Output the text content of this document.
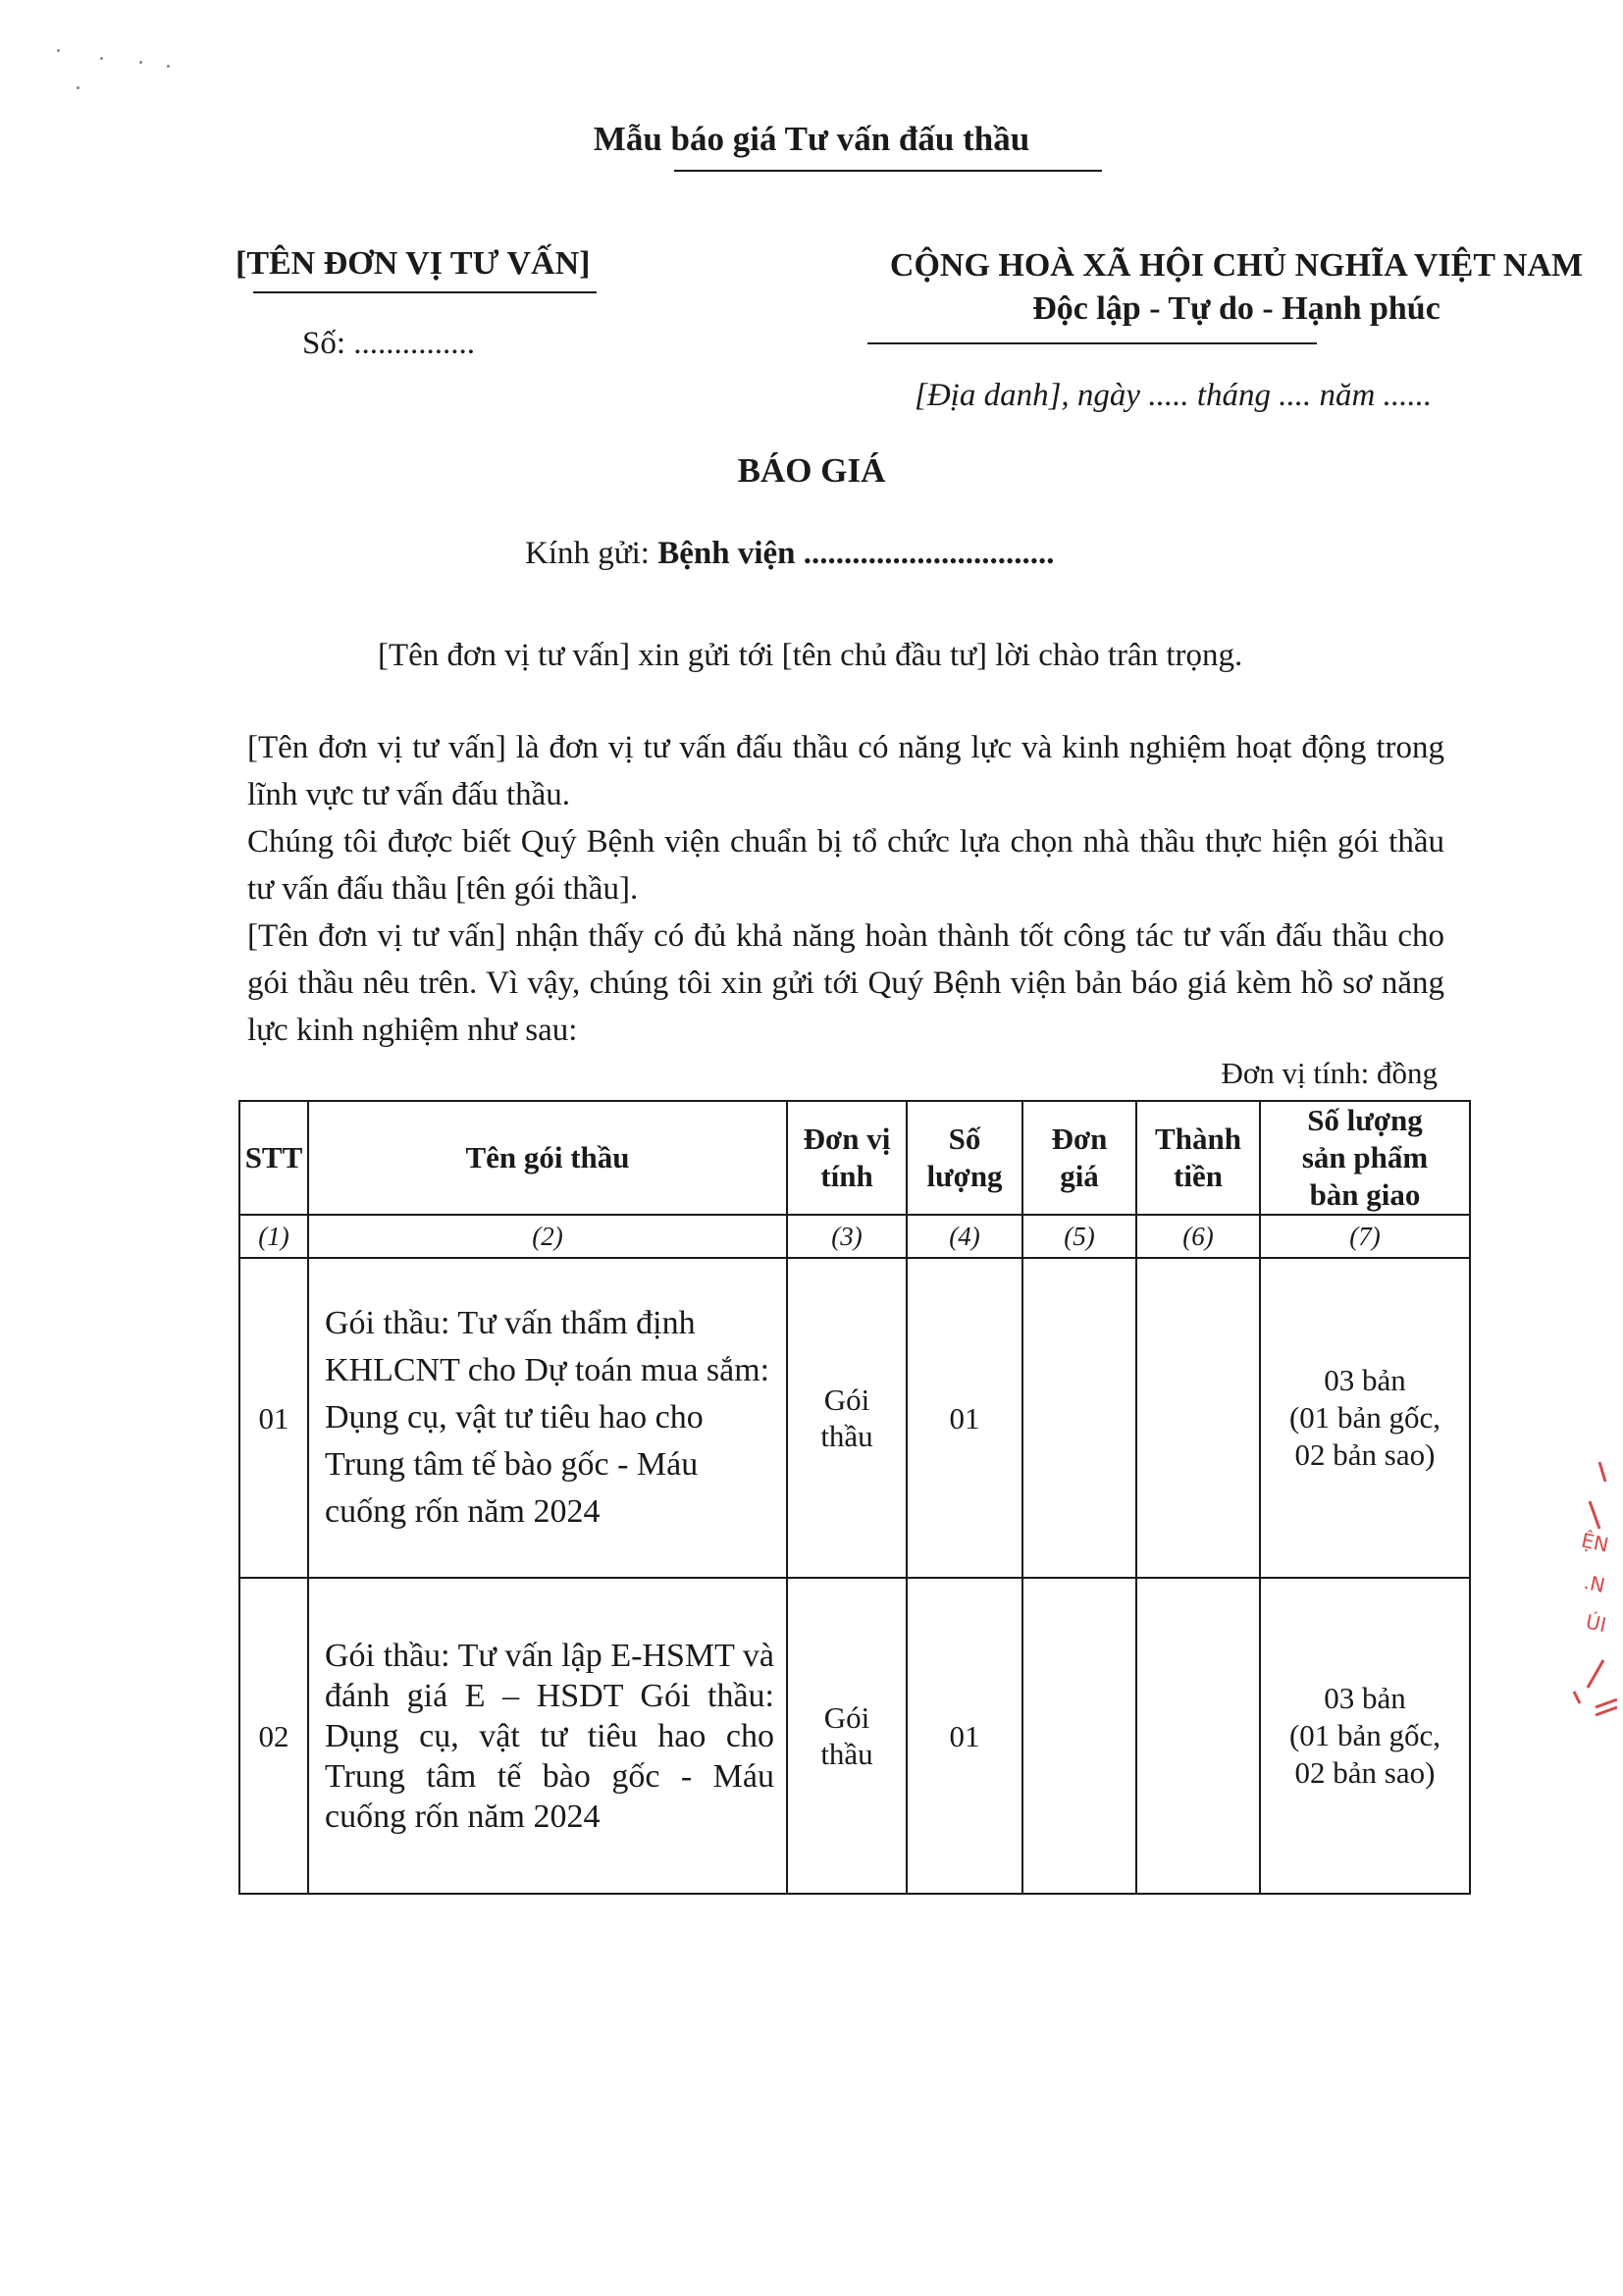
Mẫu báo giá Tư vấn đấu thầu
[TÊN ĐƠN VỊ TƯ VẤN]
Số: ...............
CỘNG HOÀ XÃ HỘI CHỦ NGHĨA VIỆT NAM
Độc lập - Tự do - Hạnh phúc
[Địa danh], ngày ..... tháng .... năm ......
BÁO GIÁ
Kính gửi: Bệnh viện ...............................
[Tên đơn vị tư vấn] xin gửi tới [tên chủ đầu tư] lời chào trân trọng.
[Tên đơn vị tư vấn] là đơn vị tư vấn đấu thầu có năng lực và kinh nghiệm hoạt động trong lĩnh vực tư vấn đấu thầu.
Chúng tôi được biết Quý Bệnh viện chuẩn bị tổ chức lựa chọn nhà thầu thực hiện gói thầu tư vấn đấu thầu [tên gói thầu].
[Tên đơn vị tư vấn] nhận thấy có đủ khả năng hoàn thành tốt công tác tư vấn đấu thầu cho gói thầu nêu trên. Vì vậy, chúng tôi xin gửi tới Quý Bệnh viện bản báo giá kèm hồ sơ năng lực kinh nghiệm như sau:
Đơn vị tính: đồng
STT	Tên gói thầu	Đơn vị tính	Số lượng	Đơn giá	Thành tiền	Số lượng sản phẩm bàn giao
(1)	(2)	(3)	(4)	(5)	(6)	(7)
01	Gói thầu: Tư vấn thẩm định KHLCNT cho Dự toán mua sắm: Dụng cụ, vật tư tiêu hao cho Trung tâm tế bào gốc - Máu cuống rốn năm 2024	Gói thầu	01			03 bản
(01 bản gốc,
02 bản sao)

02	Gói thầu: Tư vấn lập E-HSMT và đánh giá E – HSDT Gói thầu: Dụng cụ, vật tư tiêu hao cho Trung tâm tế bào gốc - Máu cuống rốn năm 2024	Gói thầu	01			03 bản
(01 bản gốc,
02 bản sao)
ỆN
.N
ÚI
